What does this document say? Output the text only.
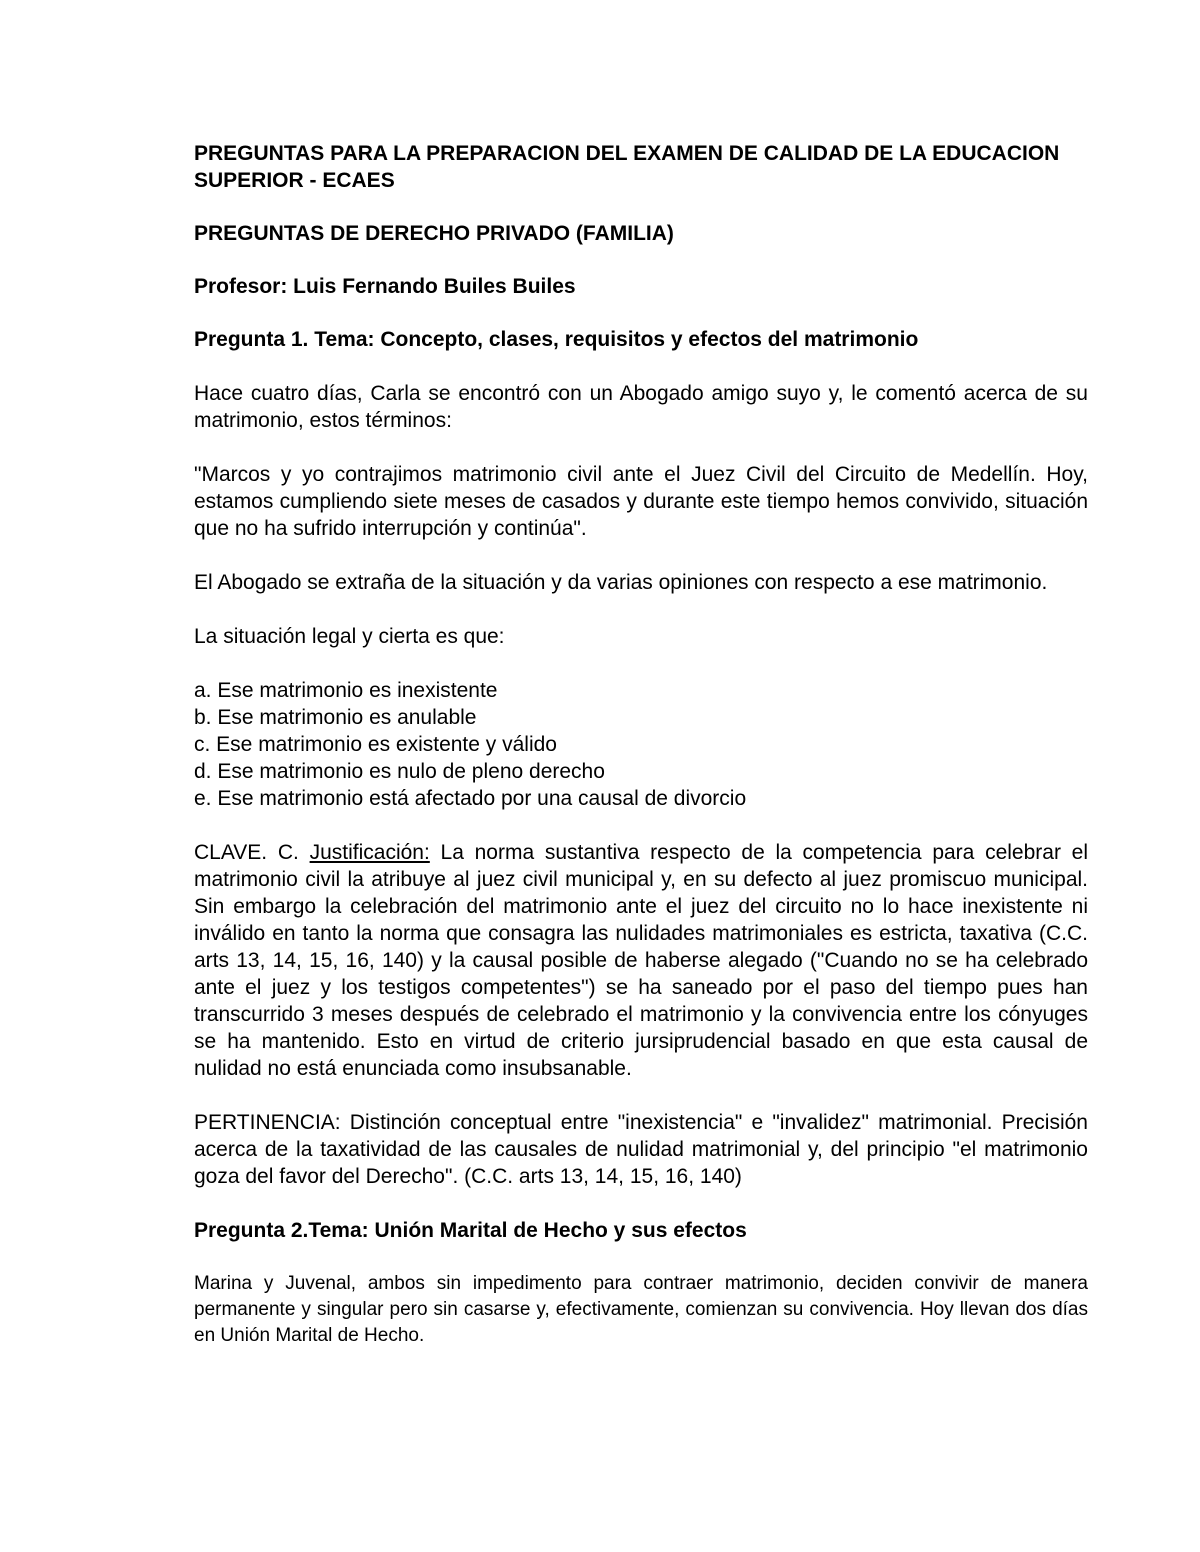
PREGUNTAS PARA LA PREPARACION DEL EXAMEN DE CALIDAD DE LA EDUCACION SUPERIOR - ECAES

PREGUNTAS DE DERECHO PRIVADO (FAMILIA)

Profesor: Luis Fernando Builes Builes

Pregunta 1. Tema: Concepto, clases, requisitos y efectos del matrimonio

Hace cuatro días, Carla se encontró con un Abogado amigo suyo y, le comentó acerca de su matrimonio, estos términos:

"Marcos y yo contrajimos matrimonio civil ante el Juez Civil del Circuito de Medellín. Hoy, estamos cumpliendo siete meses de casados y durante este tiempo hemos convivido, situación que no ha sufrido interrupción y continúa".

El Abogado se extraña de la situación y da varias opiniones con respecto a ese matrimonio.

La situación legal y cierta es que:

a. Ese matrimonio es inexistente
b. Ese matrimonio es anulable
c. Ese matrimonio es existente y válido
d. Ese matrimonio es nulo de pleno derecho
e. Ese matrimonio está afectado por una causal de divorcio

CLAVE. C. Justificación: La norma sustantiva respecto de la competencia para celebrar el matrimonio civil la atribuye al juez civil municipal y, en su defecto al juez promiscuo municipal. Sin embargo la celebración del matrimonio ante el juez del circuito no lo hace inexistente ni inválido en tanto la norma que consagra las nulidades matrimoniales es estricta, taxativa (C.C. arts 13, 14, 15, 16, 140) y la causal posible de haberse alegado ("Cuando no se ha celebrado ante el juez y los testigos competentes") se ha saneado por el paso del tiempo pues han transcurrido 3 meses después de celebrado el matrimonio y la convivencia entre los cónyuges se ha mantenido. Esto en virtud de criterio jursiprudencial basado en que esta causal de nulidad no está enunciada como insubsanable.

PERTINENCIA: Distinción conceptual entre "inexistencia" e "invalidez" matrimonial. Precisión acerca de la taxatividad de las causales de nulidad matrimonial y, del principio "el matrimonio goza del favor del Derecho". (C.C. arts 13, 14, 15, 16, 140)

Pregunta 2.Tema: Unión Marital de Hecho y sus efectos

Marina y Juvenal, ambos sin impedimento para contraer matrimonio, deciden convivir de manera permanente y singular pero sin casarse y, efectivamente, comienzan su convivencia. Hoy llevan dos días en Unión Marital de Hecho.
